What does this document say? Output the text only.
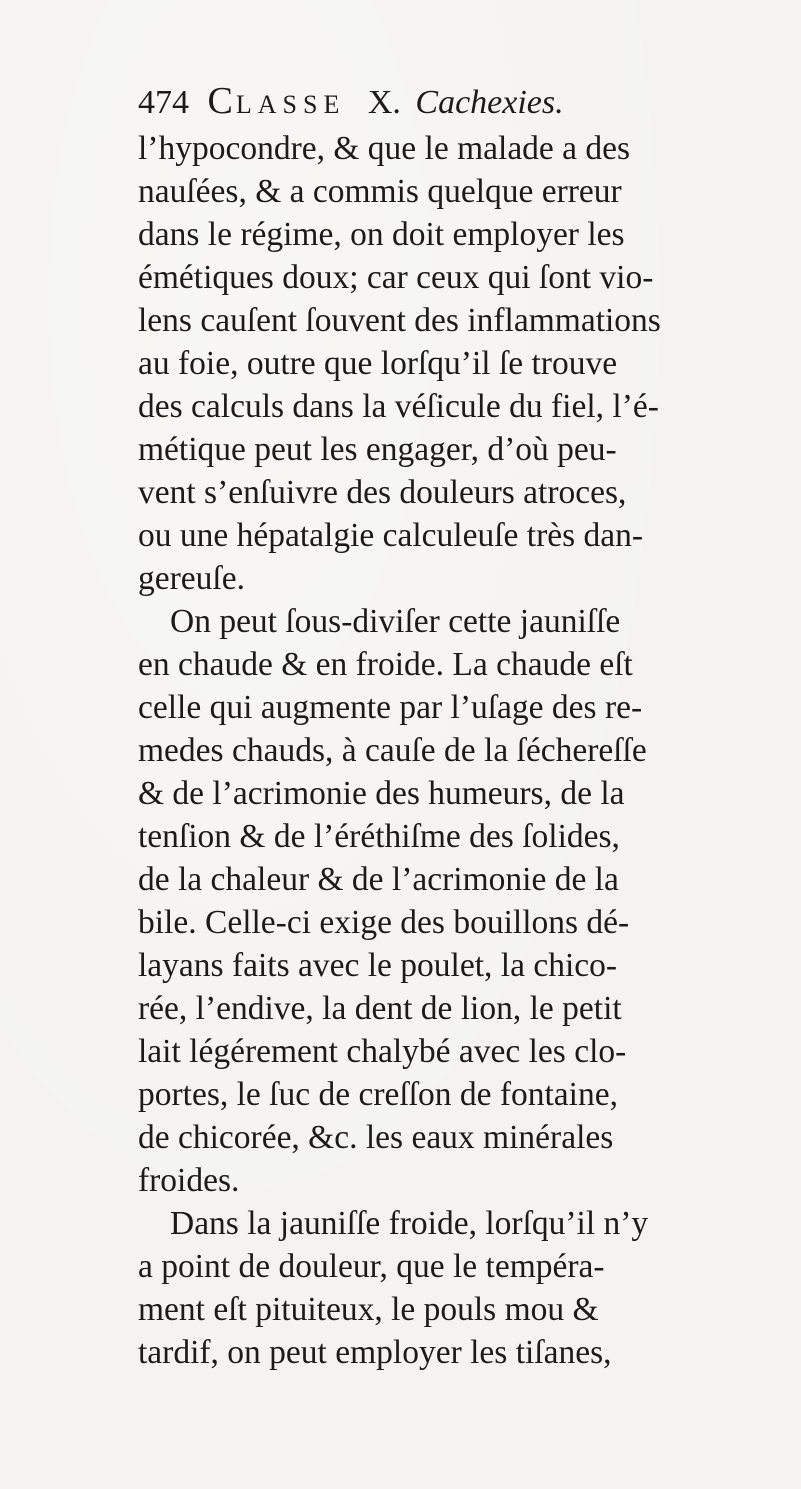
474 CLASSE X. Cachexies.
l’hypocondre, & que le malade a des
nauſées, & a commis quelque erreur
dans le régime, on doit employer les
émétiques doux; car ceux qui ſont vio-
lens cauſent ſouvent des inflammations
au foie, outre que lorſqu’il ſe trouve
des calculs dans la véſicule du fiel, l’é-
métique peut les engager, d’où peu-
vent s’enſuivre des douleurs atroces,
ou une hépatalgie calculeuſe très dan-
gereuſe.
On peut ſous-diviſer cette jauniſſe
en chaude & en froide. La chaude eſt
celle qui augmente par l’uſage des re-
medes chauds, à cauſe de la ſéchereſſe
& de l’acrimonie des humeurs, de la
tenſion & de l’éréthiſme des ſolides,
de la chaleur & de l’acrimonie de la
bile. Celle-ci exige des bouillons dé-
layans faits avec le poulet, la chico-
rée, l’endive, la dent de lion, le petit
lait légérement chalybé avec les clo-
portes, le ſuc de creſſon de fontaine,
de chicorée, &c. les eaux minérales
froides.
Dans la jauniſſe froide, lorſqu’il n’y
a point de douleur, que le tempéra-
ment eſt pituiteux, le pouls mou &
tardif, on peut employer les tiſanes,
